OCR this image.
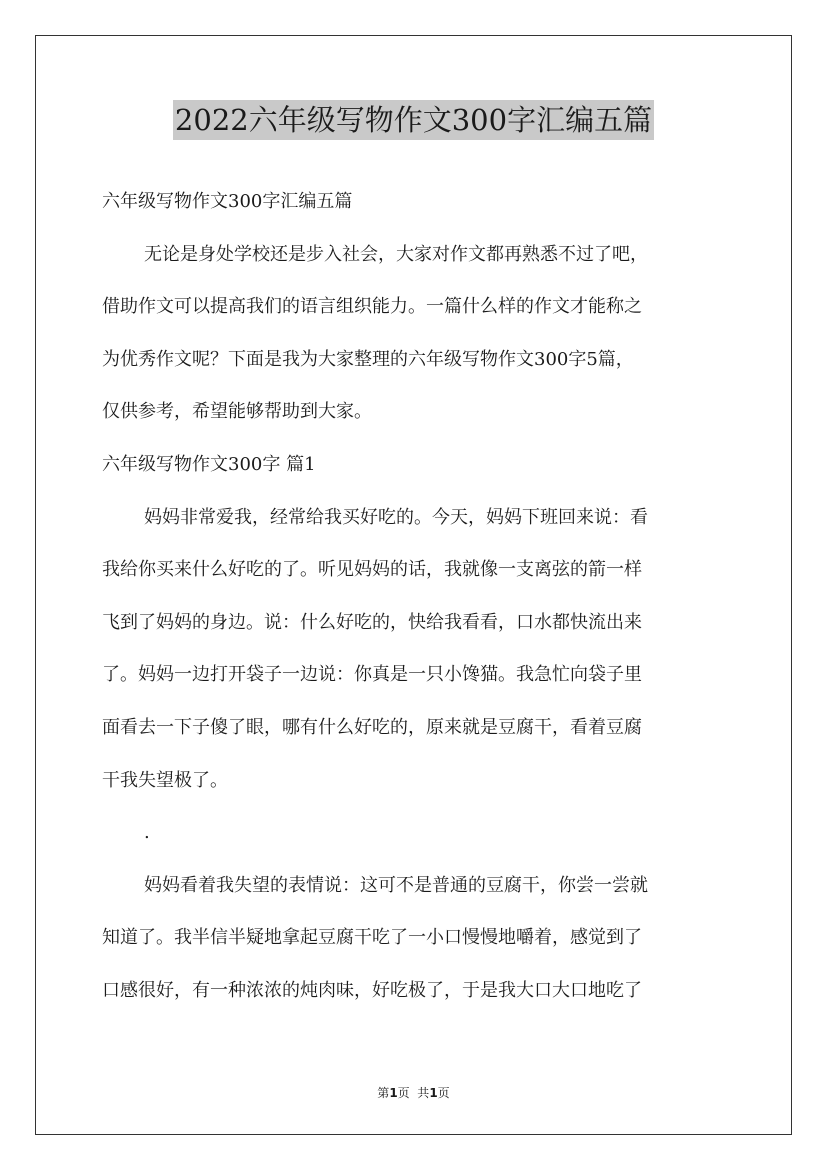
2022六年级写物作文300字汇编五篇
六年级写物作文300字汇编五篇
无论是身处学校还是步入社会，大家对作文都再熟悉不过了吧，
借助作文可以提高我们的语言组织能力。一篇什么样的作文才能称之
为优秀作文呢？下面是我为大家整理的六年级写物作文300字5篇，
仅供参考，希望能够帮助到大家。
六年级写物作文300字 篇1
妈妈非常爱我，经常给我买好吃的。今天，妈妈下班回来说：看
我给你买来什么好吃的了。听见妈妈的话，我就像一支离弦的箭一样
飞到了妈妈的身边。说：什么好吃的，快给我看看，口水都快流出来
了。妈妈一边打开袋子一边说：你真是一只小馋猫。我急忙向袋子里
面看去一下子傻了眼，哪有什么好吃的，原来就是豆腐干，看着豆腐
干我失望极了。
.
妈妈看着我失望的表情说：这可不是普通的豆腐干，你尝一尝就
知道了。我半信半疑地拿起豆腐干吃了一小口慢慢地嚼着，感觉到了
口感很好，有一种浓浓的炖肉味，好吃极了，于是我大口大口地吃了
第1页  共1页
